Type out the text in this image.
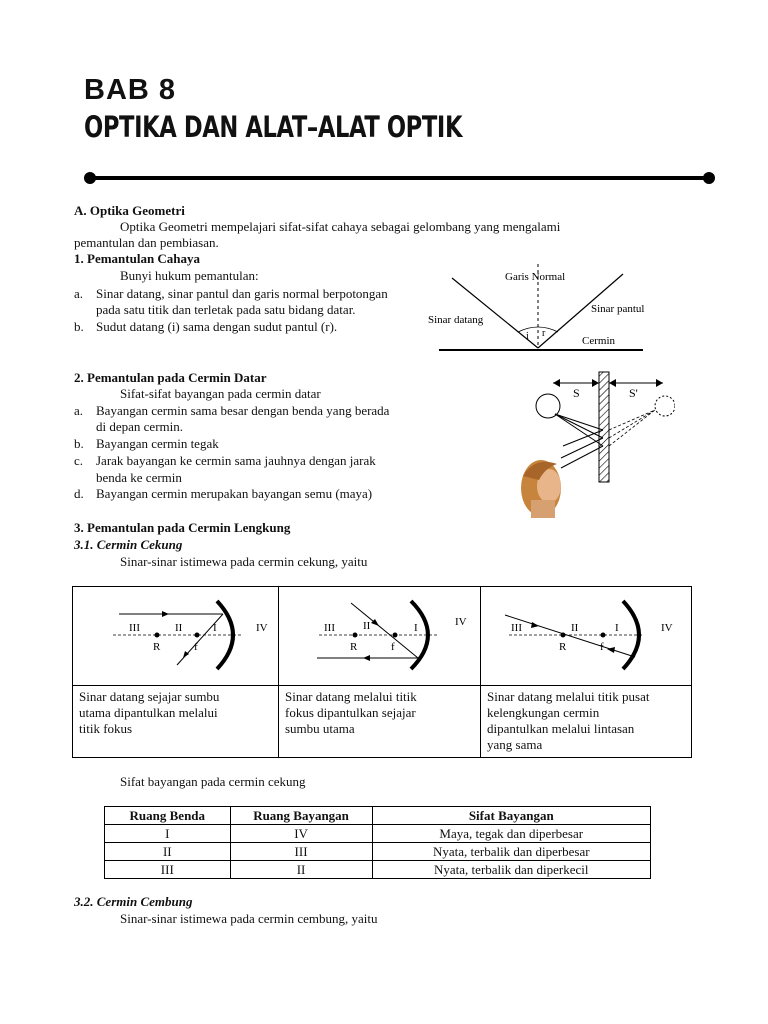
BAB 8
OPTIKA DAN ALAT–ALAT OPTIK
A. Optika Geometri
Optika Geometri mempelajari sifat-sifat cahaya sebagai gelombang yang mengalami
pemantulan dan pembiasan.
1. Pemantulan Cahaya
Bunyi hukum pemantulan:
a. Sinar datang, sinar pantul dan garis normal berpotongan
pada satu titik dan terletak pada satu bidang datar.
b. Sudut datang (i) sama dengan sudut pantul (r).
Garis Normal
Sinar datang
Sinar pantul
Cermin
i r
2. Pemantulan pada Cermin Datar
Sifat-sifat bayangan pada cermin datar
a. Bayangan cermin sama besar dengan benda yang berada
di depan cermin.
b. Bayangan cermin tegak
c. Jarak bayangan ke cermin sama jauhnya dengan jarak
benda ke cermin
d. Bayangan cermin merupakan bayangan semu (maya)
S	S'
3. Pemantulan pada Cermin Lengkung
3.1. Cermin Cekung
Sinar-sinar istimewa pada cermin cekung, yaitu
III	II	I	IV
R	f
III	II	I	IV
R	f
III	II	I	IV
R	f
Sinar datang sejajar sumbu
utama dipantulkan melalui
titik fokus
Sinar datang melalui titik
fokus dipantulkan sejajar
sumbu utama
Sinar datang melalui titik pusat
kelengkungan cermin
dipantulkan melalui lintasan
yang sama
Sifat bayangan pada cermin cekung
Ruang Benda	Ruang Bayangan	Sifat Bayangan
I	IV	Maya, tegak dan diperbesar
II	III	Nyata, terbalik dan diperbesar
III	II	Nyata, terbalik dan diperkecil
3.2. Cermin Cembung
Sinar-sinar istimewa pada cermin cembung, yaitu
